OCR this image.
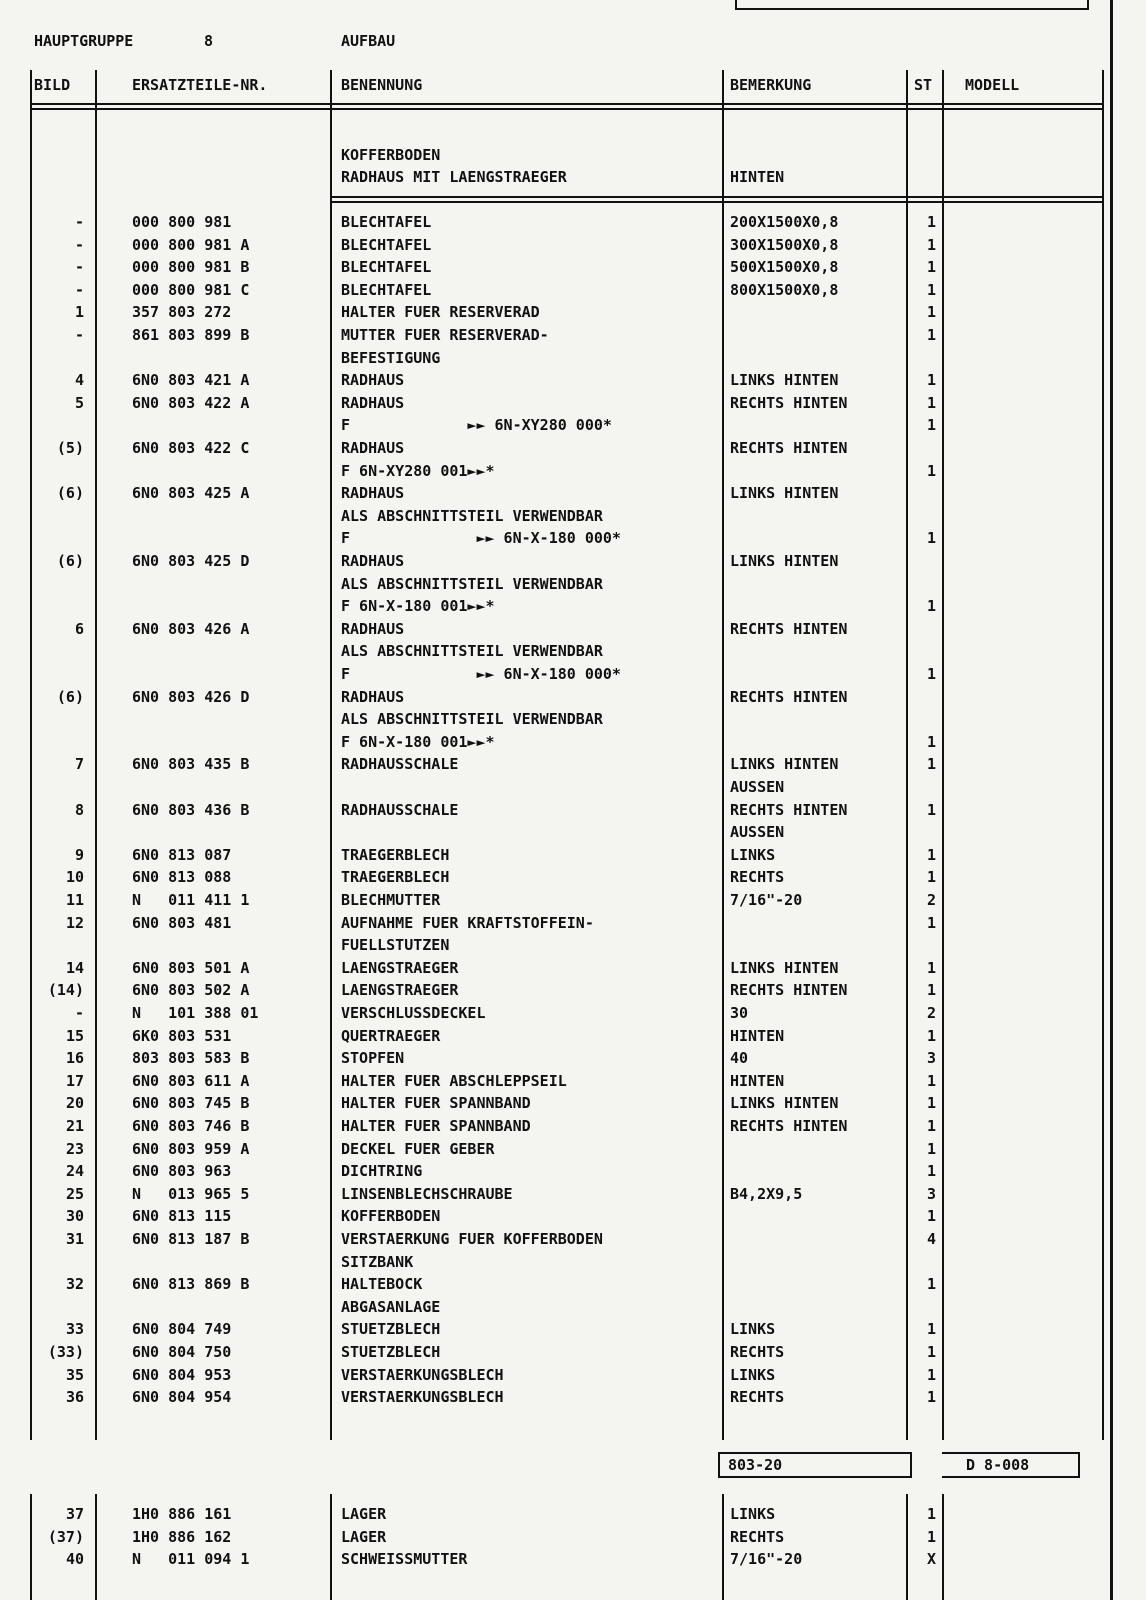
HAUPTGRUPPE	8	AUFBAU
BILD	ERSATZTEILE-NR.	BENENNUNG	BEMERKUNG	ST MODELL
KOFFERBODEN
RADHAUS MIT LAENGSTRAEGER	HINTEN
-	000 800 981	BLECHTAFEL	200X1500X0,8	1
-	000 800 981 A	BLECHTAFEL	300X1500X0,8	1
-	000 800 981 B	BLECHTAFEL	500X1500X0,8	1
-	000 800 981 C	BLECHTAFEL	800X1500X0,8	1
1	357 803 272	HALTER FUER RESERVERAD	1
-	861 803 899 B	MUTTER FUER RESERVERAD-	1
BEFESTIGUNG
4	6N0 803 421 A	RADHAUS	LINKS HINTEN	1
5	6N0 803 422 A	RADHAUS	RECHTS HINTEN	1
F             ►► 6N-XY280 000*	1
(5)	6N0 803 422 C	RADHAUS	RECHTS HINTEN
F 6N-XY280 001►►*	1
(6)	6N0 803 425 A	RADHAUS	LINKS HINTEN
ALS ABSCHNITTSTEIL VERWENDBAR
F              ►► 6N-X-180 000*	1
(6)	6N0 803 425 D	RADHAUS	LINKS HINTEN
ALS ABSCHNITTSTEIL VERWENDBAR
F 6N-X-180 001►►*	1
6	6N0 803 426 A	RADHAUS	RECHTS HINTEN
ALS ABSCHNITTSTEIL VERWENDBAR
F              ►► 6N-X-180 000*	1
(6)	6N0 803 426 D	RADHAUS	RECHTS HINTEN
ALS ABSCHNITTSTEIL VERWENDBAR
F 6N-X-180 001►►*	1
7	6N0 803 435 B	RADHAUSSCHALE	LINKS HINTEN	1
AUSSEN
8	6N0 803 436 B	RADHAUSSCHALE	RECHTS HINTEN	1
AUSSEN
9	6N0 813 087	TRAEGERBLECH	LINKS	1
10	6N0 813 088	TRAEGERBLECH	RECHTS	1
11	N   011 411 1	BLECHMUTTER	7/16"-20	2
12	6N0 803 481	AUFNAHME FUER KRAFTSTOFFEIN-	1
FUELLSTUTZEN
14	6N0 803 501 A	LAENGSTRAEGER	LINKS HINTEN	1
(14)	6N0 803 502 A	LAENGSTRAEGER	RECHTS HINTEN	1
-	N   101 388 01	VERSCHLUSSDECKEL	30	2
15	6K0 803 531	QUERTRAEGER	HINTEN	1
16	803 803 583 B	STOPFEN	40	3
17	6N0 803 611 A	HALTER FUER ABSCHLEPPSEIL	HINTEN	1
20	6N0 803 745 B	HALTER FUER SPANNBAND	LINKS HINTEN	1
21	6N0 803 746 B	HALTER FUER SPANNBAND	RECHTS HINTEN	1
23	6N0 803 959 A	DECKEL FUER GEBER	1
24	6N0 803 963	DICHTRING	1
25	N   013 965 5	LINSENBLECHSCHRAUBE	B4,2X9,5	3
30	6N0 813 115	KOFFERBODEN	1
31	6N0 813 187 B	VERSTAERKUNG FUER KOFFERBODEN	4
SITZBANK
32	6N0 813 869 B	HALTEBOCK	1
ABGASANLAGE
33	6N0 804 749	STUETZBLECH	LINKS	1
(33)	6N0 804 750	STUETZBLECH	RECHTS	1
35	6N0 804 953	VERSTAERKUNGSBLECH	LINKS	1
36	6N0 804 954	VERSTAERKUNGSBLECH	RECHTS	1
803-20	D 8-008
37	1H0 886 161	LAGER	LINKS	1
(37)	1H0 886 162	LAGER	RECHTS	1
40	N   011 094 1	SCHWEISSMUTTER	7/16"-20	X
